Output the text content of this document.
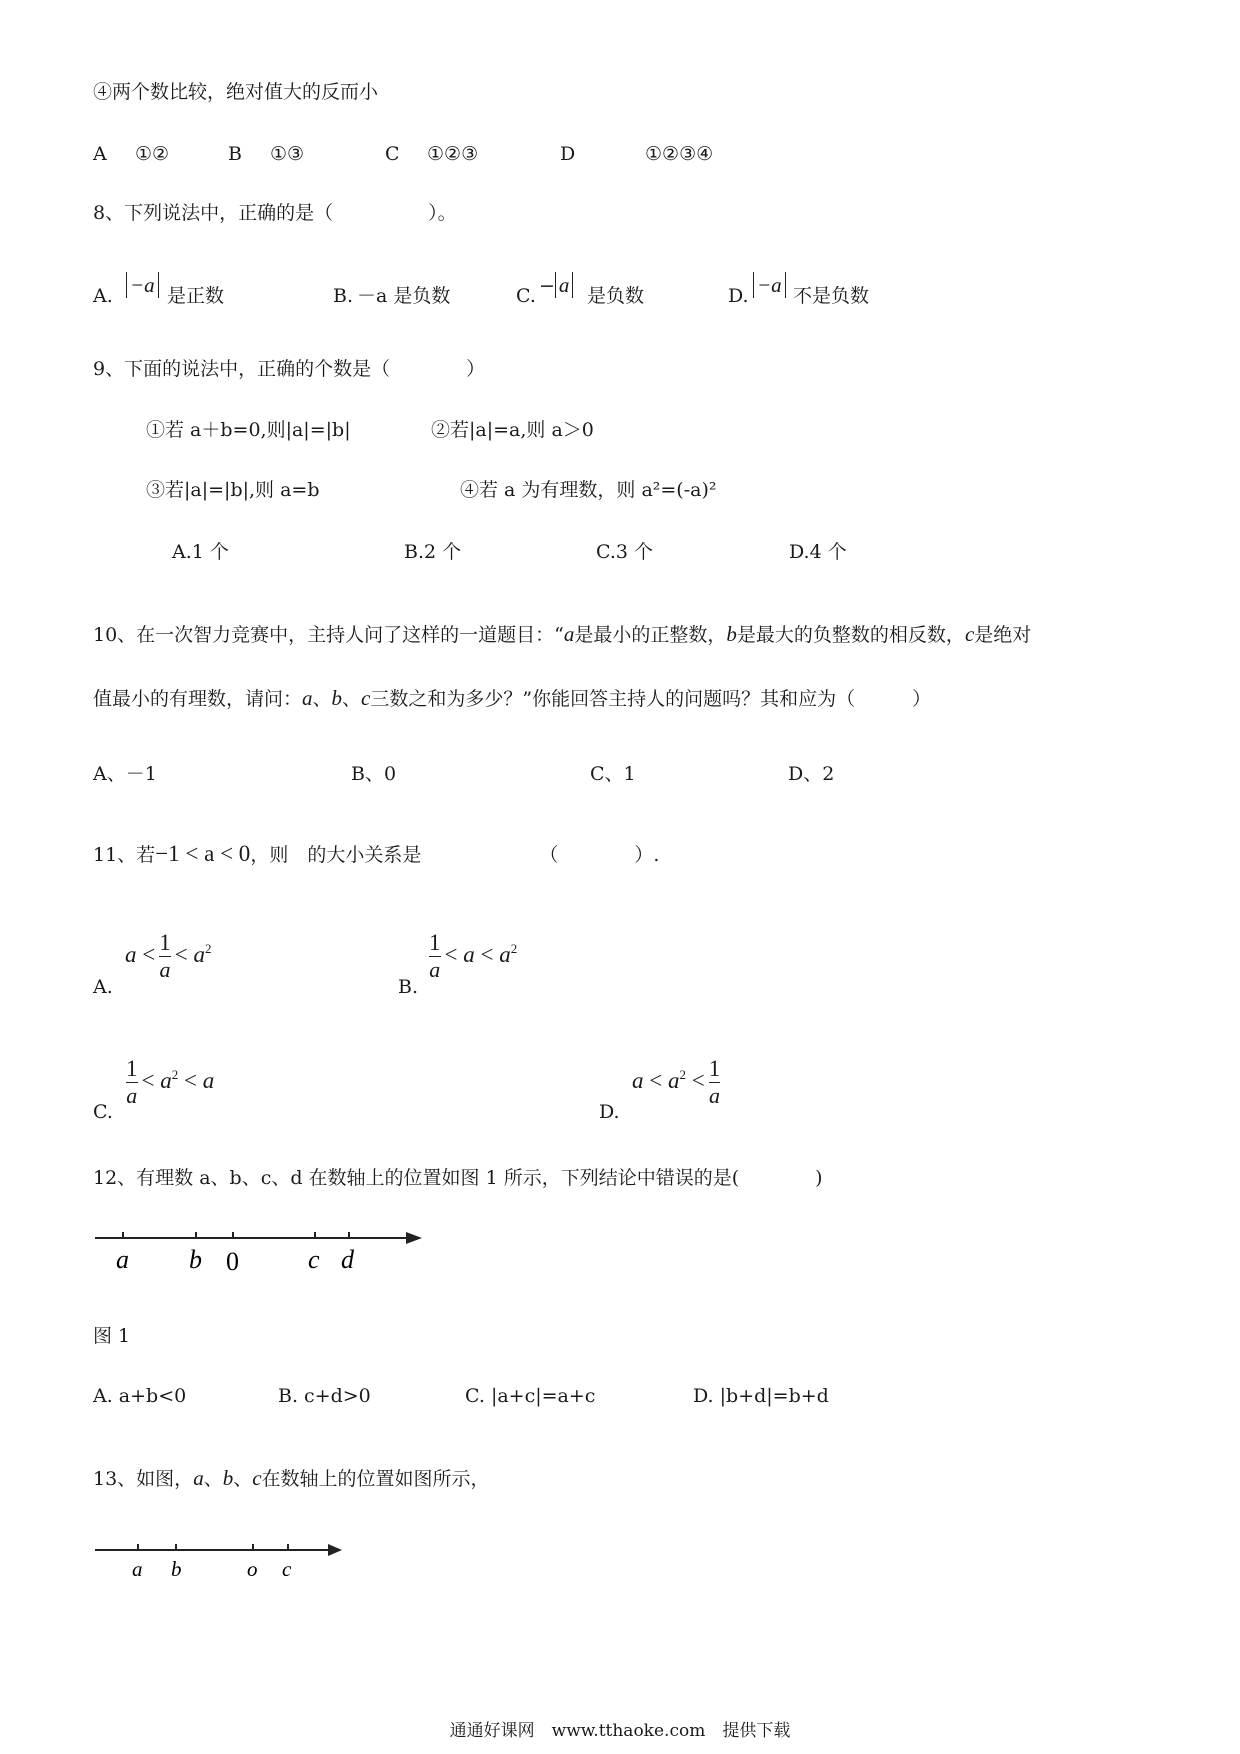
④两个数比较，绝对值大的反而小
A ①②	B ①③	C ①②③	D	①②③④
8、下列说法中，正确的是（　　　　　）。
A. −a 是正数	B. －a 是负数	C. − a 是负数	D. −a 不是负数
9、下面的说法中，正确的个数是（　　　　）
①若 a＋b=0,则|a|=|b|	②若|a|=a,则 a＞0
③若|a|=|b|,则 a=b	④若 a 为有理数，则 a²=(-a)²
A.1 个	B.2 个	C.3 个	D.4 个
10、在一次智力竞赛中，主持人问了这样的一道题目：“a是最小的正整数，b是最大的负整数的相反数，c是绝对
值最小的有理数，请问：a、b、c三数之和为多少？”你能回答主持人的问题吗？其和应为（　　　）
A、－1	B、0	C、1	D、2
11、若−1 < a < 0，则　的大小关系是	（　　　　）.
A.
$a < \frac{1}{a} < a^2$
B.
$\frac{1}{a} < a < a^2$
C.
$\frac{1}{a} < a^2 < a$
D.
$a < a^2 < \frac{1}{a}$
12、有理数 a、b、c、d 在数轴上的位置如图 1 所示，下列结论中错误的是(　　　　)
a b 0	c d
图 1
A. a+b<0	B. c+d>0	C. |a+c|=a+c	D. |b+d|=b+d
13、如图，a、b、c在数轴上的位置如图所示，
a b	o c
通通好课网　www.tthaoke.com　提供下载
